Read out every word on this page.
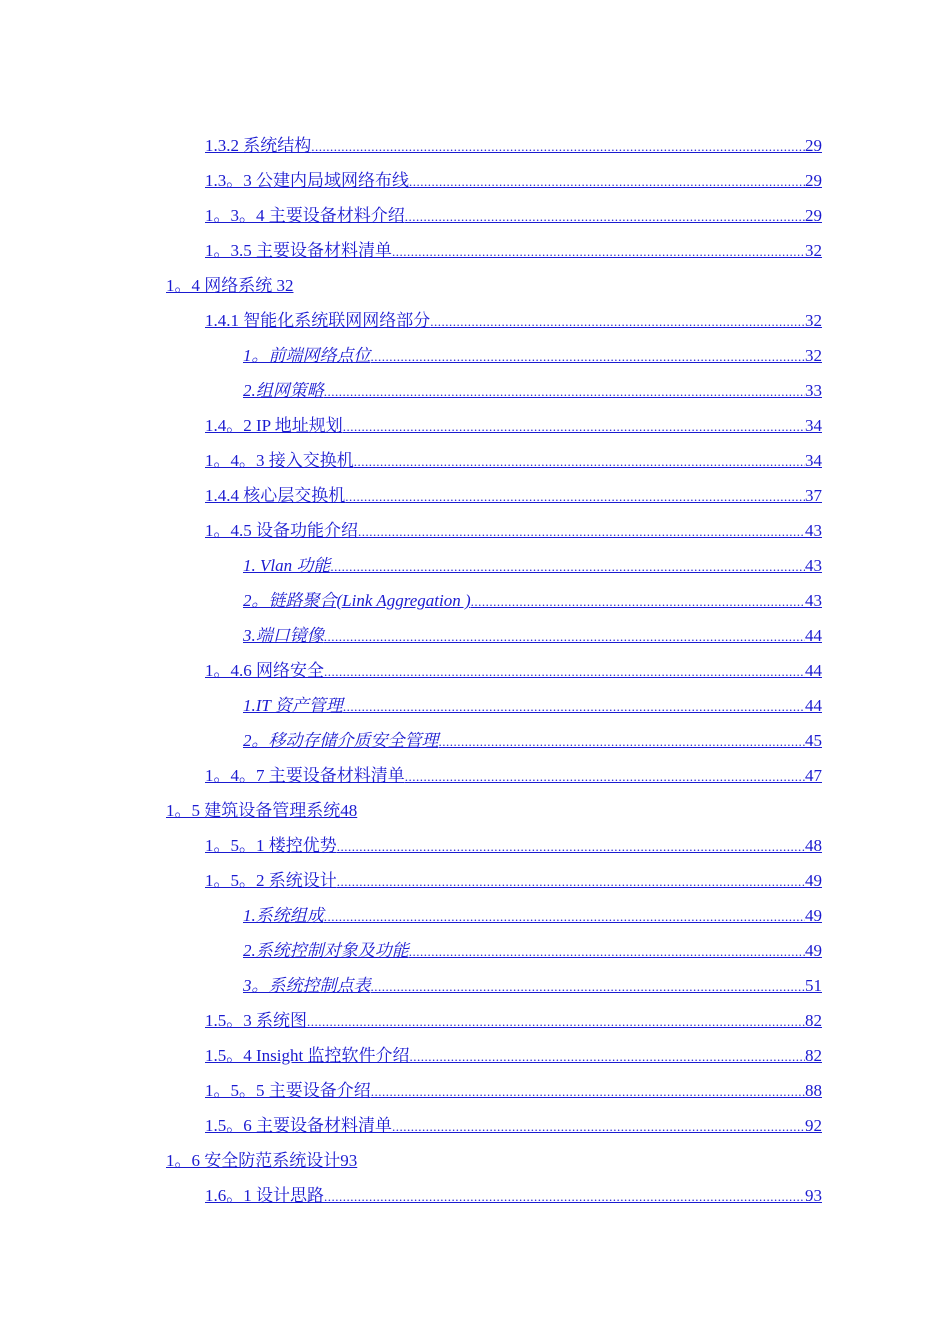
1.3.2 系统结构 .....	29
1.3。3 公建内局域网络布线 .....	29
1。3。4 主要设备材料介绍 .....	29
1。3.5 主要设备材料清单 .....	32
1。4 网络系统 32
1.4.1 智能化系统联网网络部分 .....	32
1。前端网络点位 .....	32
2.组网策略 .....	33
1.4。2 IP 地址规划 .....	34
1。4。3 接入交换机 .....	34
1.4.4 核心层交换机 .....	37
1。4.5 设备功能介绍 .....	43
1. Vlan 功能 .....	43
2。链路聚合(Link Aggregation ) .....	43
3.端口镜像 .....	44
1。4.6 网络安全 .....	44
1.IT 资产管理 .....	44
2。移动存储介质安全管理 .....	45
1。4。7 主要设备材料清单 .....	47
1。5 建筑设备管理系统48
1。5。1 楼控优势 .....	48
1。5。2 系统设计 .....	49
1.系统组成 .....	49
2.系统控制对象及功能 .....	49
3。系统控制点表 .....	51
1.5。3 系统图 .....	82
1.5。4 Insight 监控软件介绍 .....	82
1。5。5 主要设备介绍 .....	88
1.5。6 主要设备材料清单 .....	92
1。6 安全防范系统设计93
1.6。1 设计思路 .....	93
